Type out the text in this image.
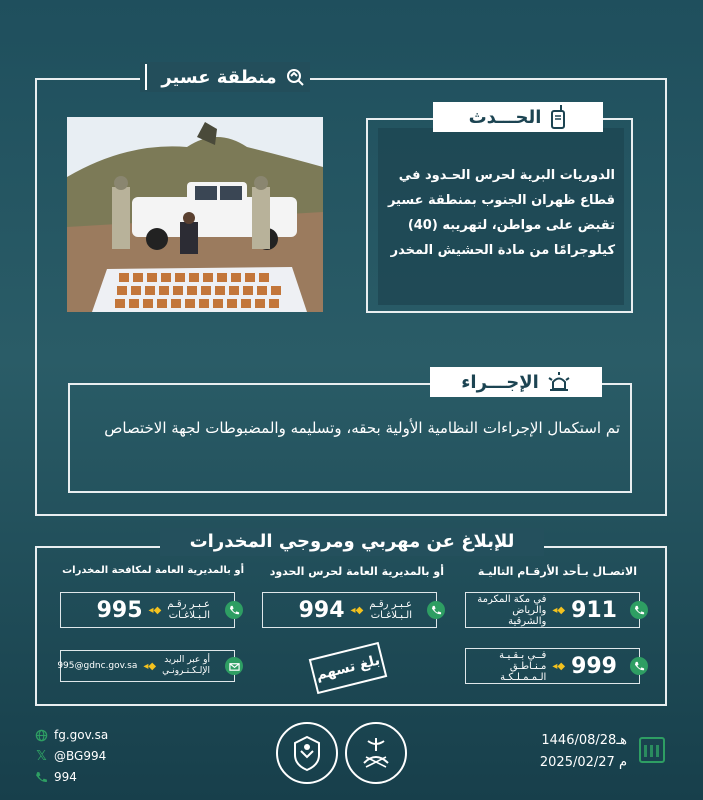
منطقة عسير
الحـــدث
الدوريات البرية لحرس الحـدود في قطاع ظهران الجنوب بمنطقة عسير تقبض على مواطن، لتهريبه (40) كيلوجرامًا من مادة الحشيش المخدر
الإجـــراء
تم استكمال الإجراءات النظامية الأولية بحقه، وتسليمه والمضبوطات لجهة الاختصاص
للإبلاغ عن مهربي ومروجي المخدرات
الاتصـال بـأحد الأرقـام التاليـة
911
◆◂
في مكة المكرمة
والرياض والشرقية
999
◆◂
فــي بـقـيـة
مـنـاطـق الـمـمـلـكـة
أو بالمديرية العامة لحرس الحدود
عـبـر رقـم
الـبـلاغـات
◆◂
994
بلغ تسهم
أو بالمديرية العامة لمكافحة المخدرات
عـبـر رقـم
الـبـلاغـات
◆◂
995
أو عبر البريد
الإلـكـتـرونـي
◆◂
995@gdnc.gov.sa
fg.gov.sa
𝕏 @BG994
994
1446/08/28هـ
2025/02/27 م
